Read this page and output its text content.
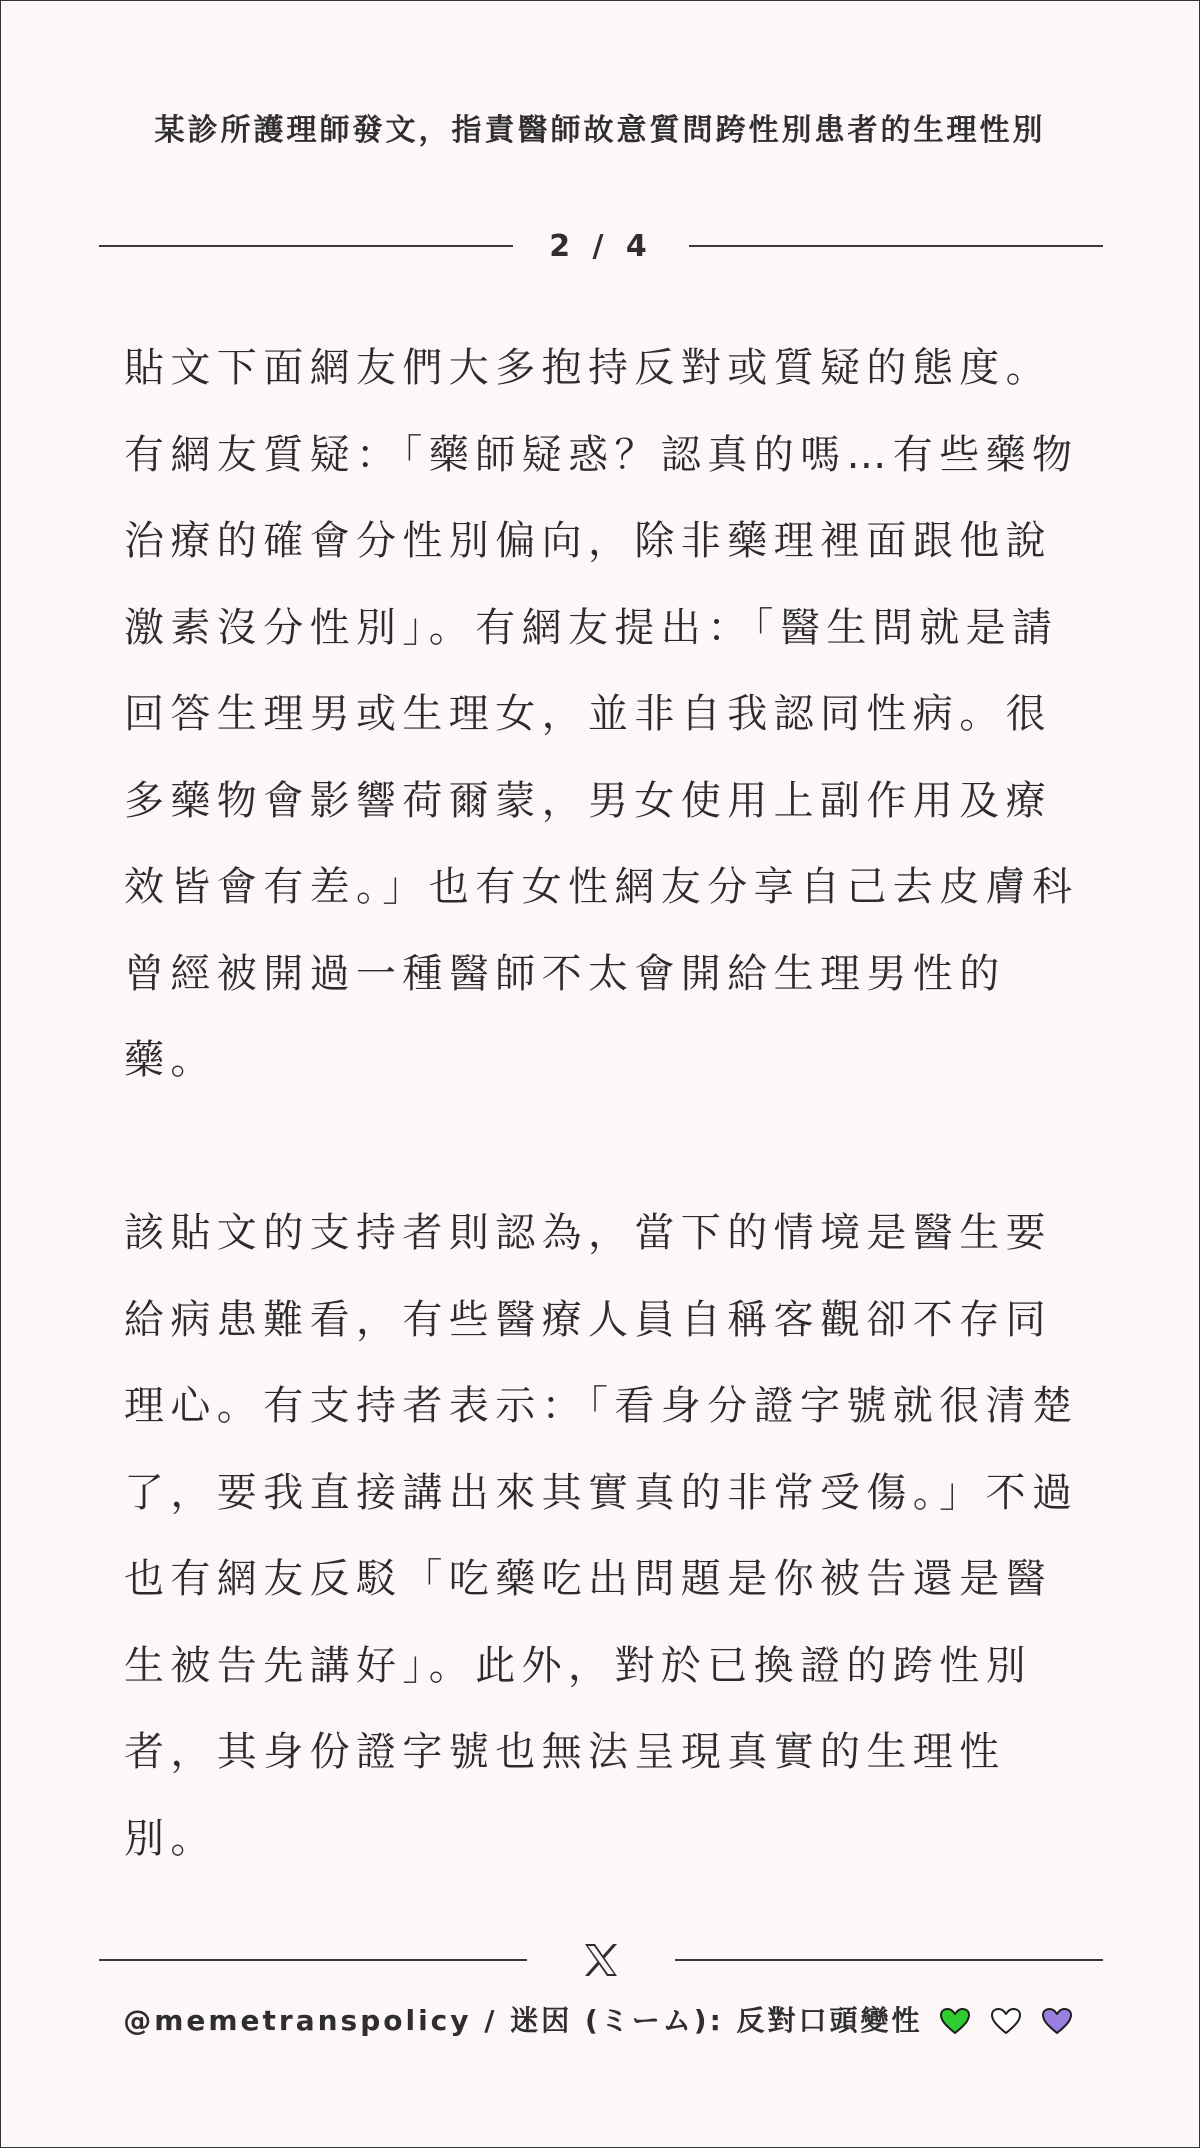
某診所護理師發文，指責醫師故意質問跨性別患者的生理性別
2 / 4

貼文下面網友們大多抱持反對或質疑的態度。有網友質疑：「藥師疑惑？認真的嗎…有些藥物治療的確會分性別偏向，除非藥理裡面跟他說激素沒分性別」。有網友提出：「醫生問就是請回答生理男或生理女，並非自我認同性病。很多藥物會影響荷爾蒙，男女使用上副作用及療效皆會有差。」也有女性網友分享自己去皮膚科曾經被開過一種醫師不太會開給生理男性的藥。

該貼文的支持者則認為，當下的情境是醫生要給病患難看，有些醫療人員自稱客觀卻不存同理心。有支持者表示：「看身分證字號就很清楚了，要我直接講出來其實真的非常受傷。」不過也有網友反駁「吃藥吃出問題是你被告還是醫生被告先講好」。此外，對於已換證的跨性別者，其身份證字號也無法呈現真實的生理性別。

@memetranspolicy / 迷因 (ミーム): 反對口頭變性
